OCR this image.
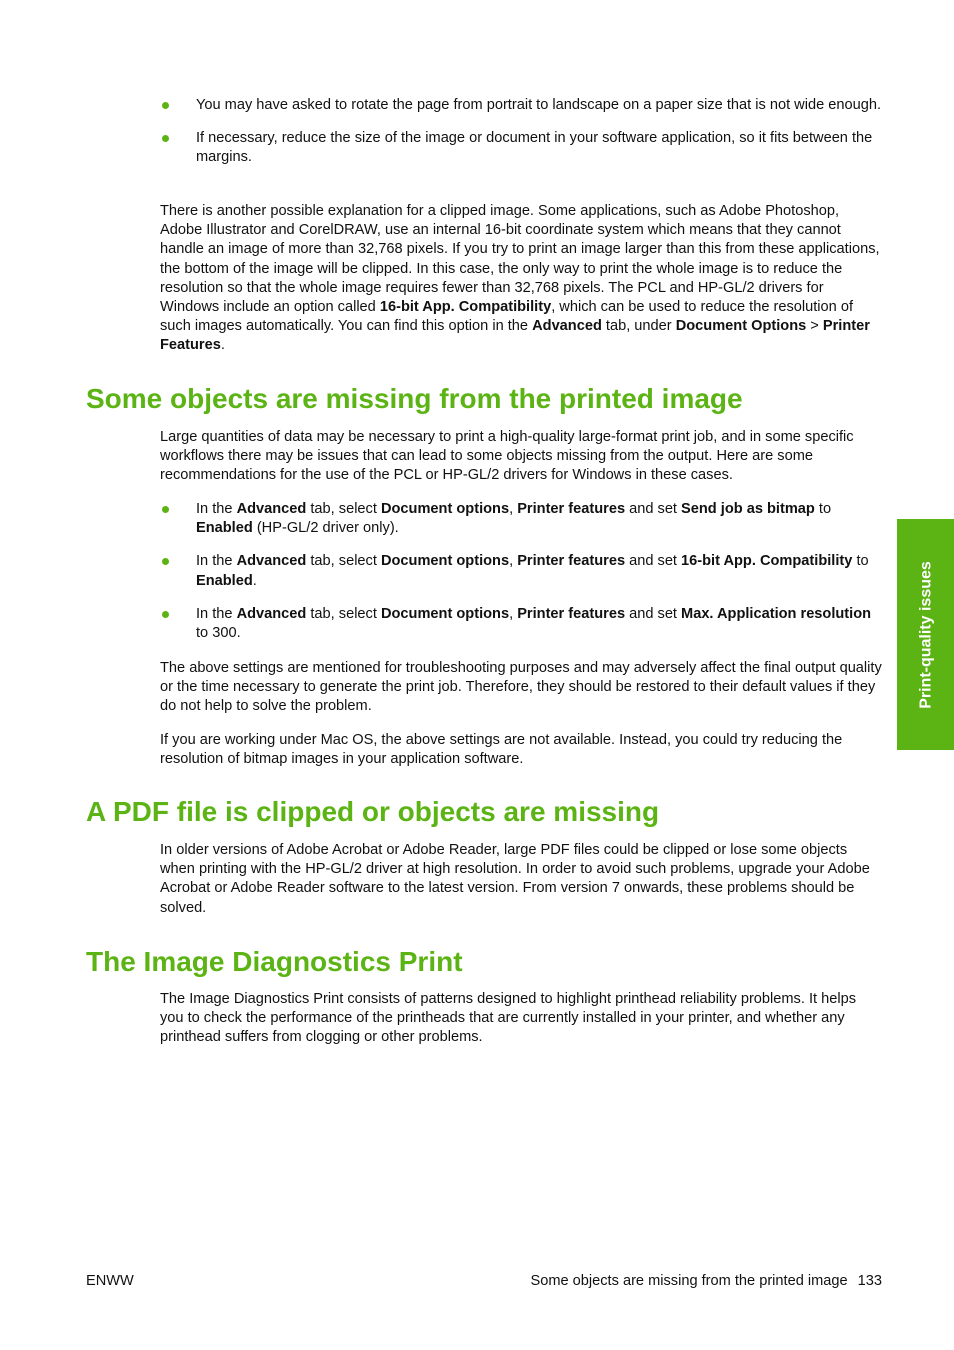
You may have asked to rotate the page from portrait to landscape on a paper size that is not wide enough.
If necessary, reduce the size of the image or document in your software application, so it fits between the margins.

There is another possible explanation for a clipped image. Some applications, such as Adobe Photoshop, Adobe Illustrator and CorelDRAW, use an internal 16-bit coordinate system which means that they cannot handle an image of more than 32,768 pixels. If you try to print an image larger than this from these applications, the bottom of the image will be clipped. In this case, the only way to print the whole image is to reduce the resolution so that the whole image requires fewer than 32,768 pixels. The PCL and HP-GL/2 drivers for Windows include an option called 16-bit App. Compatibility, which can be used to reduce the resolution of such images automatically. You can find this option in the Advanced tab, under Document Options > Printer Features.

Some objects are missing from the printed image

Large quantities of data may be necessary to print a high-quality large-format print job, and in some specific workflows there may be issues that can lead to some objects missing from the output. Here are some recommendations for the use of the PCL or HP-GL/2 drivers for Windows in these cases.

In the Advanced tab, select Document options, Printer features and set Send job as bitmap to Enabled (HP-GL/2 driver only).
In the Advanced tab, select Document options, Printer features and set 16-bit App. Compatibility to Enabled.
In the Advanced tab, select Document options, Printer features and set Max. Application resolution to 300.

The above settings are mentioned for troubleshooting purposes and may adversely affect the final output quality or the time necessary to generate the print job. Therefore, they should be restored to their default values if they do not help to solve the problem.

If you are working under Mac OS, the above settings are not available. Instead, you could try reducing the resolution of bitmap images in your application software.

A PDF file is clipped or objects are missing

In older versions of Adobe Acrobat or Adobe Reader, large PDF files could be clipped or lose some objects when printing with the HP-GL/2 driver at high resolution. In order to avoid such problems, upgrade your Adobe Acrobat or Adobe Reader software to the latest version. From version 7 onwards, these problems should be solved.

The Image Diagnostics Print

The Image Diagnostics Print consists of patterns designed to highlight printhead reliability problems. It helps you to check the performance of the printheads that are currently installed in your printer, and whether any printhead suffers from clogging or other problems.

Print-quality issues
ENWW	Some objects are missing from the printed image 133
